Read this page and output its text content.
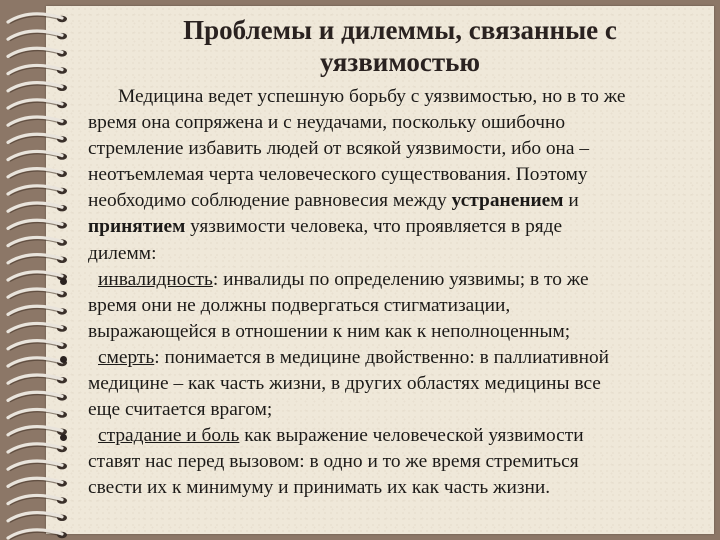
Проблемы и дилеммы, связанные с
уязвимостью
Медицина ведет успешную борьбу с уязвимостью, но в то же
время она сопряжена и с неудачами, поскольку ошибочно
стремление избавить людей от всякой уязвимости, ибо она –
неотъемлемая черта человеческого существования. Поэтому
необходимо соблюдение равновесия между устранением и
принятием уязвимости человека, что проявляется в ряде
дилемм:
инвалидность: инвалиды по определению уязвимы; в то же
время они не должны подвергаться стигматизации,
выражающейся в отношении к ним как к неполноценным;
смерть: понимается в медицине двойственно: в паллиативной
медицине – как часть жизни, в других областях медицины все
еще считается врагом;
страдание и боль как выражение человеческой уязвимости
ставят нас перед вызовом: в одно и то же время стремиться
свести их к минимуму и принимать их как часть жизни.
